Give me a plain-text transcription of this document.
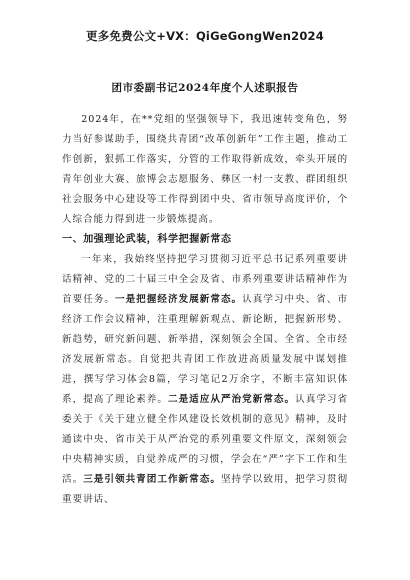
更多免费公文+VX：QiGeGongWen2024
团市委副书记2024年度个人述职报告

2024年，在**党组的坚强领导下，我迅速转变角色，努力当好参谋助手，围绕共青团“改革创新年”工作主题，推动工作创新，狠抓工作落实，分管的工作取得新成效，牵头开展的青年创业大赛、旅博会志愿服务、彝区一村一支教、群团组织社会服务中心建设等工作得到团中央、省市领导高度评价，个人综合能力得到进一步锻炼提高。

一、加强理论武装，科学把握新常态

一年来，我始终坚持把学习贯彻习近平总书记系列重要讲话精神、党的二十届三中全会及省、市系列重要讲话精神作为首要任务。一是把握经济发展新常态。认真学习中央、省、市经济工作会议精神，注重理解新观点、新论断，把握新形势、新趋势，研究新问题、新举措，深刻领会全国、全省、全市经济发展新常态。自觉把共青团工作放进高质量发展中谋划推进，撰写学习体会8篇，学习笔记2万余字，不断丰富知识体系，提高了理论素养。二是适应从严治党新常态。认真学习省委关于《关于建立健全作风建设长效机制的意见》精神，及时通读中央、省市关于从严治党的系列重要文件原文，深刻领会中央精神实质，自觉养成严的习惯，学会在“严”字下工作和生活。三是引领共青团工作新常态。坚持学以致用，把学习贯彻重要讲话、
